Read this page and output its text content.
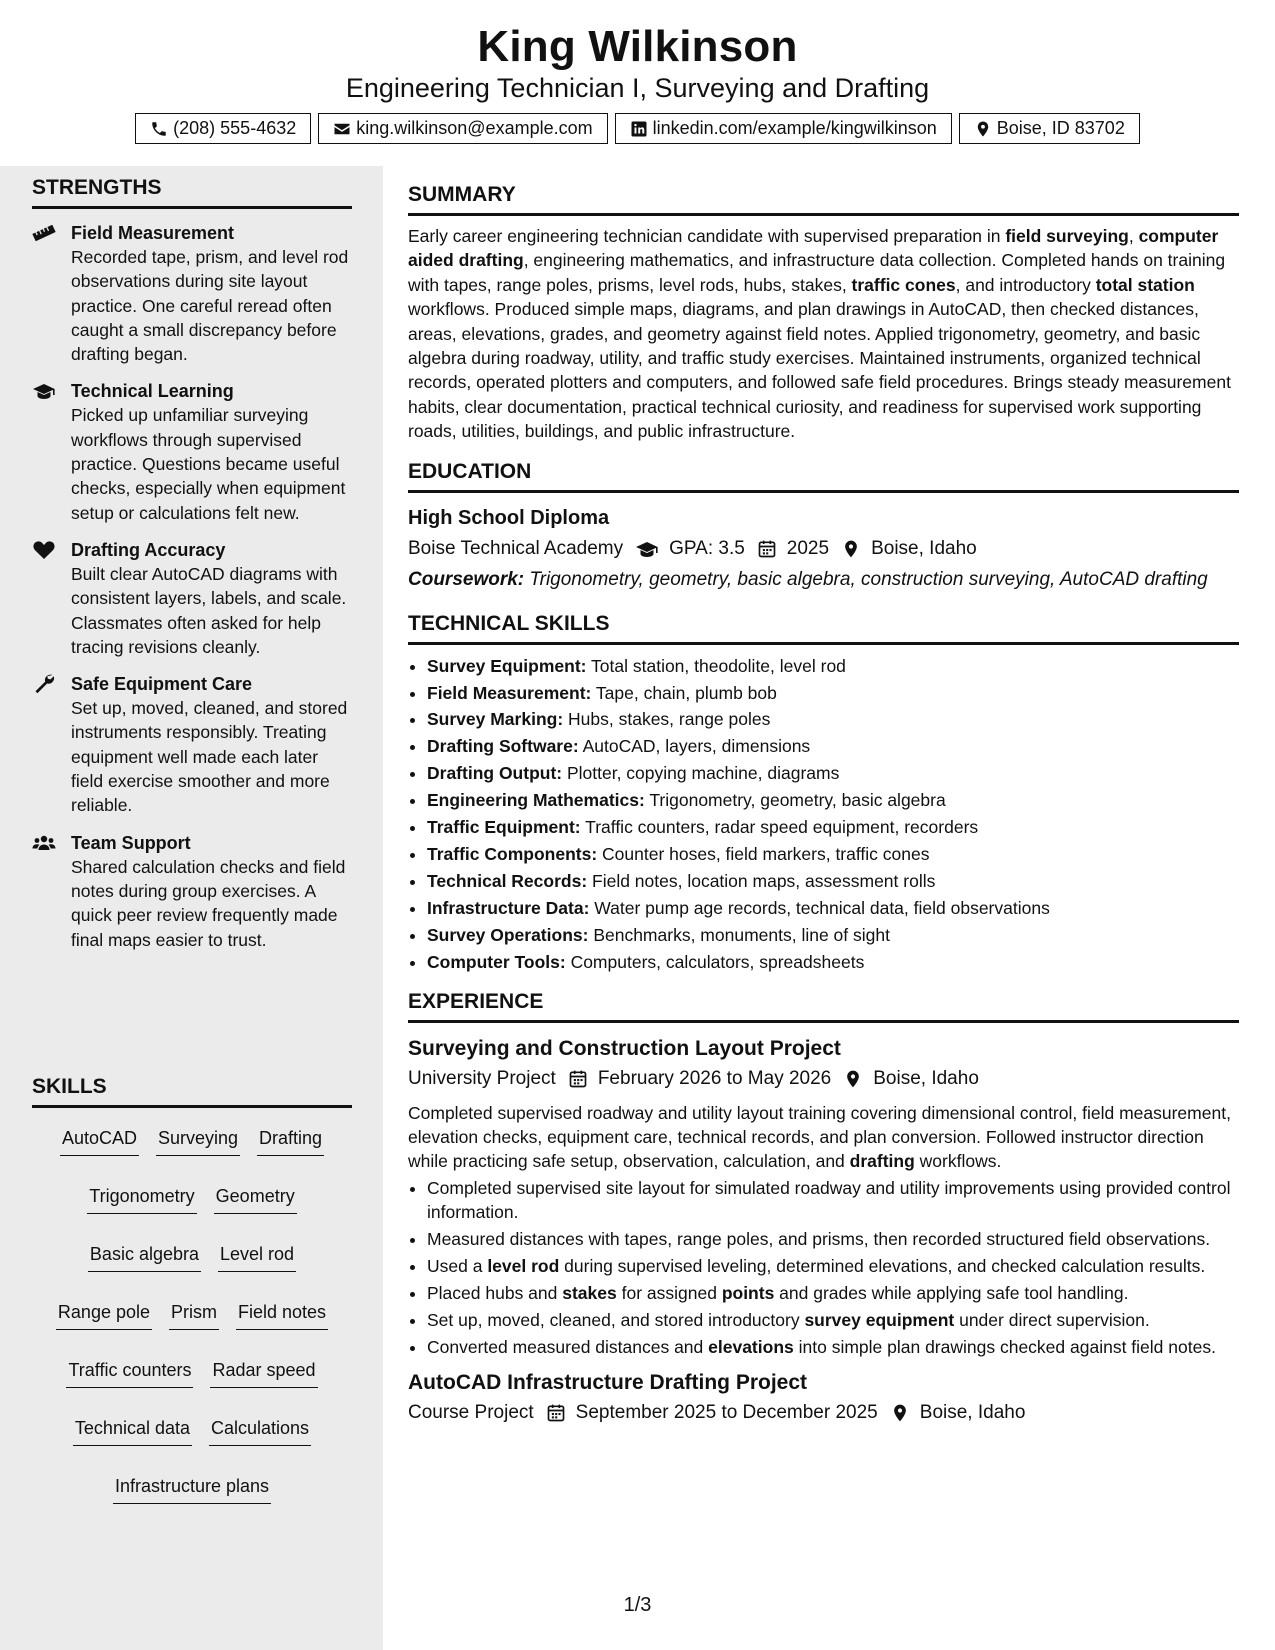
King Wilkinson
Engineering Technician I, Surveying and Drafting
(208) 555-4632	king.wilkinson@example.com	linkedin.com/example/kingwilkinson	Boise, ID 83702
STRENGTHS
Field Measurement
Recorded tape, prism, and level rod observations during site layout practice. One careful reread often caught a small discrepancy before drafting began.
Technical Learning
Picked up unfamiliar surveying workflows through supervised practice. Questions became useful checks, especially when equipment setup or calculations felt new.
Drafting Accuracy
Built clear AutoCAD diagrams with consistent layers, labels, and scale. Classmates often asked for help tracing revisions cleanly.
Safe Equipment Care
Set up, moved, cleaned, and stored instruments responsibly. Treating equipment well made each later field exercise smoother and more reliable.
Team Support
Shared calculation checks and field notes during group exercises. A quick peer review frequently made final maps easier to trust.
SKILLS
AutoCAD Surveying Drafting
Trigonometry Geometry
Basic algebra Level rod
Range pole Prism Field notes
Traffic counters Radar speed
Technical data Calculations
Infrastructure plans
SUMMARY

Early career engineering technician candidate with supervised preparation in field surveying, computer aided drafting, engineering mathematics, and infrastructure data collection. Completed hands on training with tapes, range poles, prisms, level rods, hubs, stakes, traffic cones, and introductory total station workflows. Produced simple maps, diagrams, and plan drawings in AutoCAD, then checked distances, areas, elevations, grades, and geometry against field notes. Applied trigonometry, geometry, and basic algebra during roadway, utility, and traffic study exercises. Maintained instruments, organized technical records, operated plotters and computers, and followed safe field procedures. Brings steady measurement habits, clear documentation, practical technical curiosity, and readiness for supervised work supporting roads, utilities, buildings, and public infrastructure.

EDUCATION
High School Diploma
Boise Technical Academy GPA: 3.5 2025 Boise, Idaho
Coursework: Trigonometry, geometry, basic algebra, construction surveying, AutoCAD drafting
TECHNICAL SKILLS
• Survey Equipment: Total station, theodolite, level rod
• Field Measurement: Tape, chain, plumb bob
• Survey Marking: Hubs, stakes, range poles
• Drafting Software: AutoCAD, layers, dimensions
• Drafting Output: Plotter, copying machine, diagrams
• Engineering Mathematics: Trigonometry, geometry, basic algebra
• Traffic Equipment: Traffic counters, radar speed equipment, recorders
• Traffic Components: Counter hoses, field markers, traffic cones
• Technical Records: Field notes, location maps, assessment rolls
• Infrastructure Data: Water pump age records, technical data, field observations
• Survey Operations: Benchmarks, monuments, line of sight
• Computer Tools: Computers, calculators, spreadsheets
EXPERIENCE
Surveying and Construction Layout Project
University Project February 2026 to May 2026 Boise, Idaho

Completed supervised roadway and utility layout training covering dimensional control, field measurement, elevation checks, equipment care, technical records, and plan conversion. Followed instructor direction while practicing safe setup, observation, calculation, and drafting workflows.

• Completed supervised site layout for simulated roadway and utility improvements using provided control information.
• Measured distances with tapes, range poles, and prisms, then recorded structured field observations.
• Used a level rod during supervised leveling, determined elevations, and checked calculation results.
• Placed hubs and stakes for assigned points and grades while applying safe tool handling.
• Set up, moved, cleaned, and stored introductory survey equipment under direct supervision.
• Converted measured distances and elevations into simple plan drawings checked against field notes.
AutoCAD Infrastructure Drafting Project
Course Project September 2025 to December 2025 Boise, Idaho
1/3
